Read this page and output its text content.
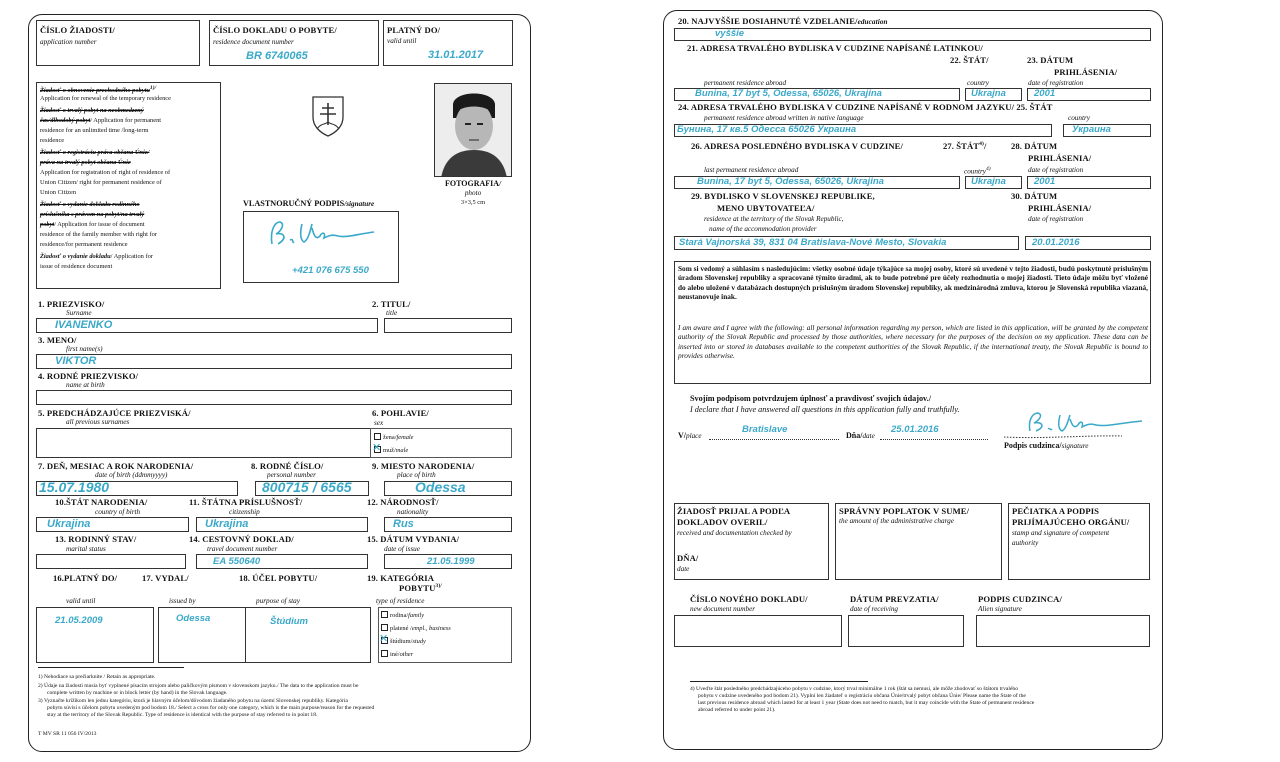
ČÍSLO ŽIADOSTI/
application number
ČÍSLO DOKLADU O POBYTE/
residence document number
BR 6740065
PLATNÝ DO/
valid until
31.01.2017
Žiadosť o obnovenie prechodného pobytu$^{1)/}$
Application for renewal of the temporary residence
Žiadosť o trvalý pobyt na neobmedzený
čas/dlhodobý pobyt/ Application for permanent
residence for an unlimited time /long-term
residence
Žiadosť o registráciu práva občana Únie/
práva na trvalý pobyt občana Únie
Application for registration of right of residence of
Union Citizen/ right for permanent residence of
Union Citizen
Žiadosť o vydanie dokladu rodinného
príslušníka s právom na pobyt/na trvalý
pobyt/ Application for issue of document
residence of the family member with right for
residence/for permanent residence
Žiadosť o vydanie dokladu/ Application for
issue of residence document
FOTOGRAFIA/
photo
3×3,5 cm
VLASTNORUČNÝ PODPIS/signature
+421 076 675 550
1. PRIEZVISKO/
Surname
IVANENKO
2. TITUL/
title
3. MENO/
first name(s)
VIKTOR
4. RODNÉ PRIEZVISKO/
name at birth
5. PREDCHÁDZAJÚCE PRIEZVISKÁ/
all previous surnames
6. POHLAVIE/
sex
žena/female
muž/male
✕
7. DEŇ, MESIAC A ROK NARODENIA/
date of birth (ddmmyyyy)
15.07.1980
8. RODNÉ ČÍSLO/
personal number
800715 / 6565
9. MIESTO NARODENIA/
place of birth
Odessa
10.ŠTÁT NARODENIA/
country of birth
Ukrajina
11. ŠTÁTNA PRÍSLUŠNOSŤ/
citizenship
Ukrajina
12. NÁRODNOSŤ/
nationality
Rus
13. RODINNÝ STAV/
marital status
14. CESTOVNÝ DOKLAD/
travel document number
EA 550640
15. DÁTUM VYDANIA/
date of issue
21.05.1999
16.PLATNÝ DO/	17. VYDAL/	18. ÚČEL POBYTU/	19. KATEGÓRIA
$POBYTU^{3)/}$
valid until	issued by	purpose of stay	type of residence
21.05.2009	Odessa	Štúdium
rodina/family
platené /empl., business
štúdium/study
iné/other
✕
1) Nehodiace sa prečiarknite / Retain as appropriate.
2) Údaje na žiadosti musia byť vyplnené písacím strojom alebo paličkovým písmom v slovenskom jazyku./ The data to the application must be
complete written by machine or in block letter (by hand) in the Slovak language.
3) Vyznačte krížikom len jednu kategóriu, ktorá je hlavným účelom/dôvodom žiadaného pobytu na území Slovenskej republiky. Kategória
pobytu súvisí s účelom pobytu uvedeným pod bodom 18./ Select a cross for only one category, which is the main purpose/reason for the requested
stay at the territory of the Slovak Republic. Type of residence is identical with the purpose of stay referred to in point 18.
T MV SR 11 056 IV/2013
20. NAJVYŠŠIE DOSIAHNUTÉ VZDELANIE/education
vyššie
21. ADRESA TRVALÉHO BYDLISKA V CUDZINE NAPÍSANÉ LATINKOU/
22. ŠTÁT/	23. DÁTUM
PRIHLÁSENIA/
permanent residence abroad	country	date of registration
Bunina, 17 byt 5, Odessa, 65026, Ukrajina	Ukrajna	2001
24. ADRESA TRVALÉHO BYDLISKA V CUDZINE NAPÍSANÉ V RODNOM JAZYKU/ 25. ŠTÁT
permanent residence abroad written in native language	country
Бунина, 17 кв.5 Одесса 65026 Украина	Украина
26. ADRESA POSLEDNÉHO BYDLISKA V CUDZINE/	27. ŠTÁT$^{4)}$/	28. DÁTUM
PRIHLÁSENIA/
last permanent residence abroad	country$^{4)}$	date of registration
Bunina, 17 byt 5, Odessa, 65026, Ukrajina	Ukrajna	2001
29. BYDLISKO V SLOVENSKEJ REPUBLIKE,
MENO UBYTOVATEĽA/
30. DÁTUM
PRIHLÁSENIA/
residence at the territory of the Slovak Republic,	date of registration
name of the accommodation provider
Stará Vajnorská 39, 831 04 Bratislava-Nové Mesto, Slovakia	20.01.2016
Som si vedomý a súhlasím s nasledujúcim: všetky osobné údaje týkajúce sa mojej osoby, ktoré sú uvedené v tejto žiadosti, budú poskytnuté príslušným úradom Slovenskej republiky a spracované týmito úradmi, ak to bude potrebné pre účely rozhodnutia o mojej žiadosti. Tieto údaje môžu byť vložené do alebo uložené v databázach dostupných príslušným úradom Slovenskej republiky, ak medzinárodná zmluva, ktorou je Slovenská republika viazaná, neustanovuje inak.
I am aware and I agree with the following: all personal information regarding my person, which are listed in this application, will be granted by the competent authority of the Slovak Republic and processed by those authorities, where necessary for the purposes of the decision on my application. These data can be inserted into or stored in databases available to the competent authorities of the Slovak Republic, if the international treaty, the Slovak Republic is bound to provides otherwise.
Svojím podpisom potvrdzujem úplnosť a pravdivosť svojich údajov./
I declare that I have answered all questions in this application fully and truthfully.
V/place
Bratislave
Dňa/date
25.01.2016
Podpis cudzinca/signature
ŽIADOSŤ PRIJAL A PODĽA
DOKLADOV OVERIL/
received and documentation checked by
DŇA/
date
SPRÁVNY POPLATOK V SUME/
the amount of the administrative charge
PEČIATKA A PODPIS
PRIJÍMAJÚCEHO ORGÁNU/
stamp and signature of competent
authority
ČÍSLO NOVÉHO DOKLADU/
new document number
DÁTUM PREVZATIA/
date of receiving
PODPIS CUDZINCA/
Alien signature
4) Uveďte štát posledného predchádzajúceho pobytu v cudzine, ktorý trval minimálne 1 rok (štát sa nemusí, ale môže zhodovať so štátom trvalého
pobytu v cudzine uvedeného pod bodom 21). Vyplní len žiadateľ o registráciu občana Únie/trvalý pobyt občana Únie/ Please name the State of the
last previous residence abroad which lasted for at least 1 year (State does not need to match, but it may coincide with the State of permanent residence
abroad referred to under point 21).
